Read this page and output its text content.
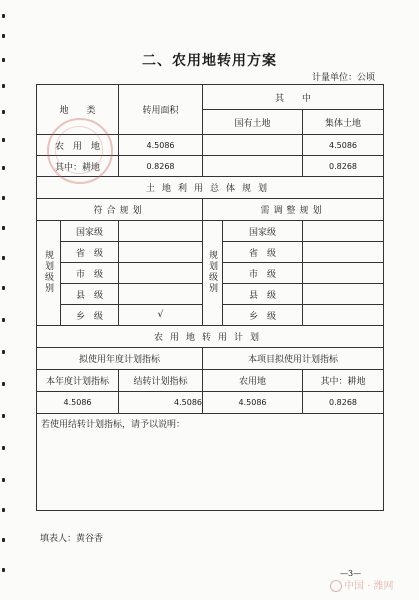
二、农用地转用方案
计量单位：公顷
地　　类		转用面积	其　　中		
			国有土地		集体土地
农　用　地		4.5086			4.5086
其中：耕地		0.8268			0.8268
土地利用总体规划					
符合规划			需调整规划		
规划级别	国家级		规划级别	国家级	
	省　级			省　级	
	市　级			市　级	
	县　级			县　级	
	乡　级	√		乡　级	
农用地转用计划					
拟使用年度计划指标			本项目拟使用计划指标		
本年度计划指标		结转计划指标	农用地		其中：耕地
4.5086		4.5086	4.5086		0.8268
若使用结转计划指标，请予以说明：					
填表人：黄谷香
—3—
中国 · 潍网
